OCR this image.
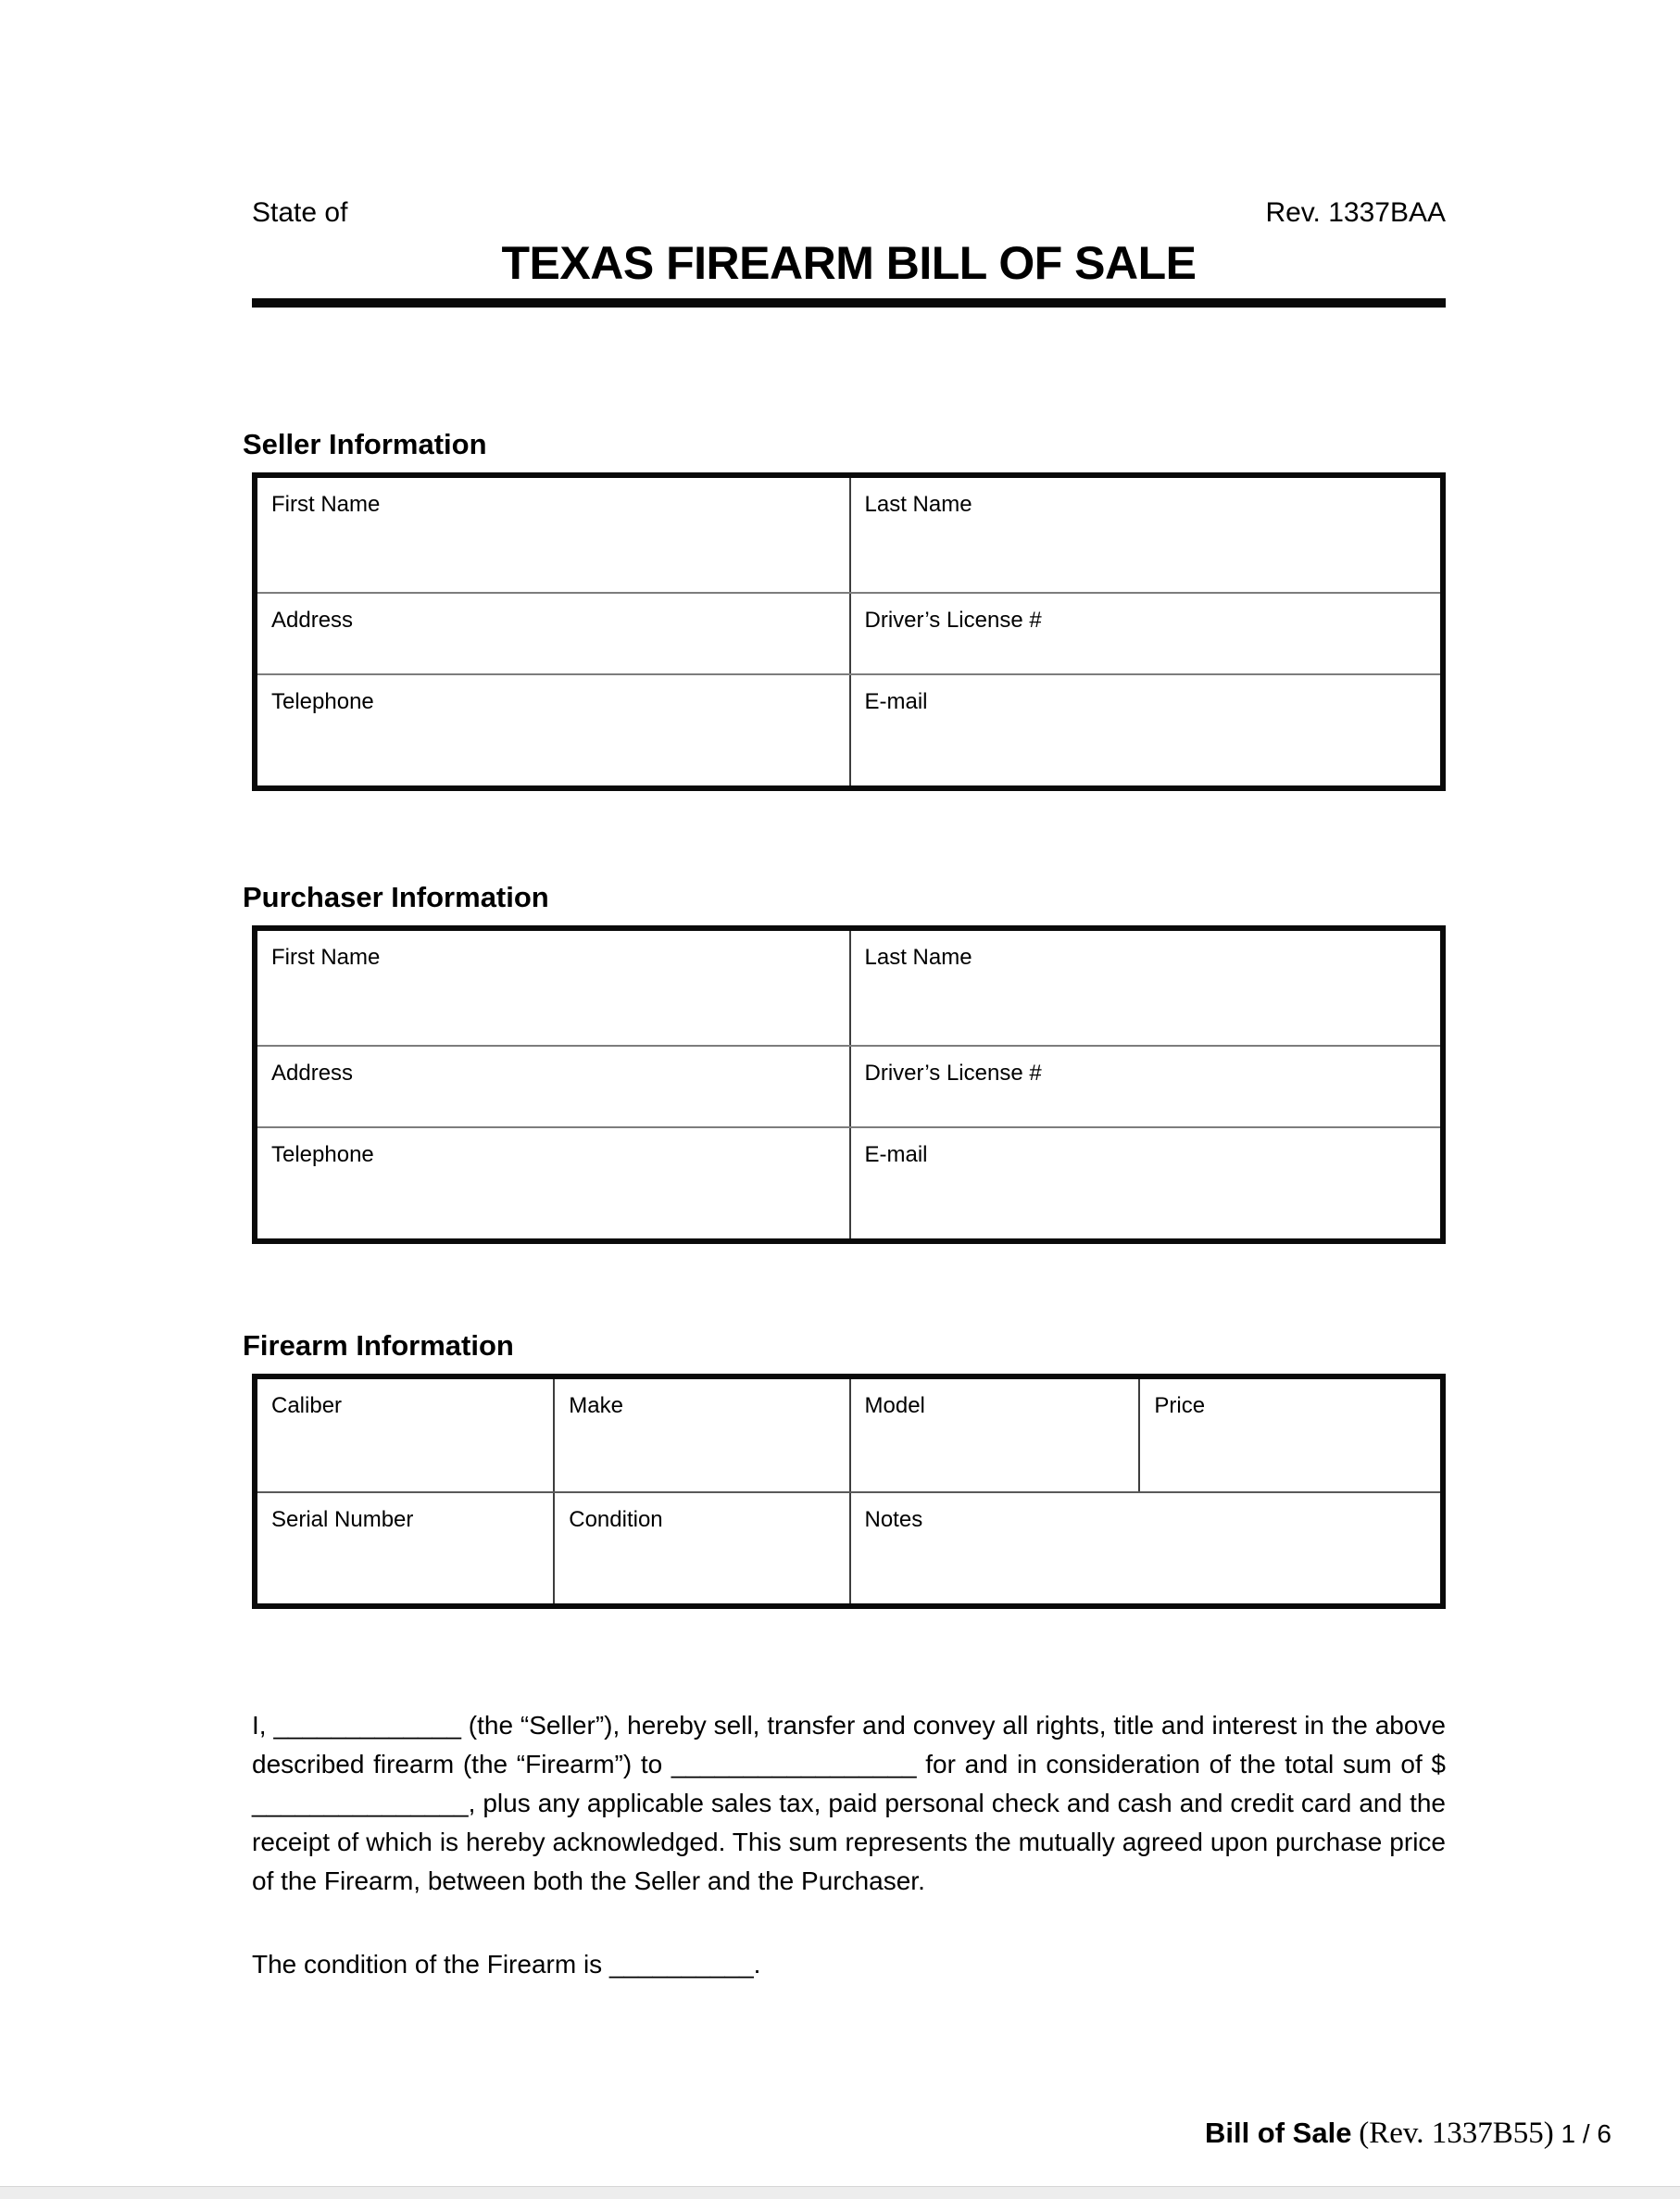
State of	Rev. 1337BAA
TEXAS FIREARM BILL OF SALE
Seller Information
First Name	Last Name
Address	Driver’s License #
Telephone	E-mail
Purchaser Information
First Name	Last Name
Address	Driver’s License #
Telephone	E-mail
Firearm Information
Caliber	Make	Model	Price
Serial Number	Condition	Notes
I, _____________ (the “Seller”), hereby sell, transfer and convey all rights, title and interest in the above described firearm (the “Firearm”) to _________________ for and in consideration of the total sum of $ _______________, plus any applicable sales tax, paid personal check and cash and credit card and the receipt of which is hereby acknowledged. This sum represents the mutually agreed upon purchase price of the Firearm, between both the Seller and the Purchaser.
The condition of the Firearm is __________.
Bill of Sale (Rev. 1337B55) 1 / 6
